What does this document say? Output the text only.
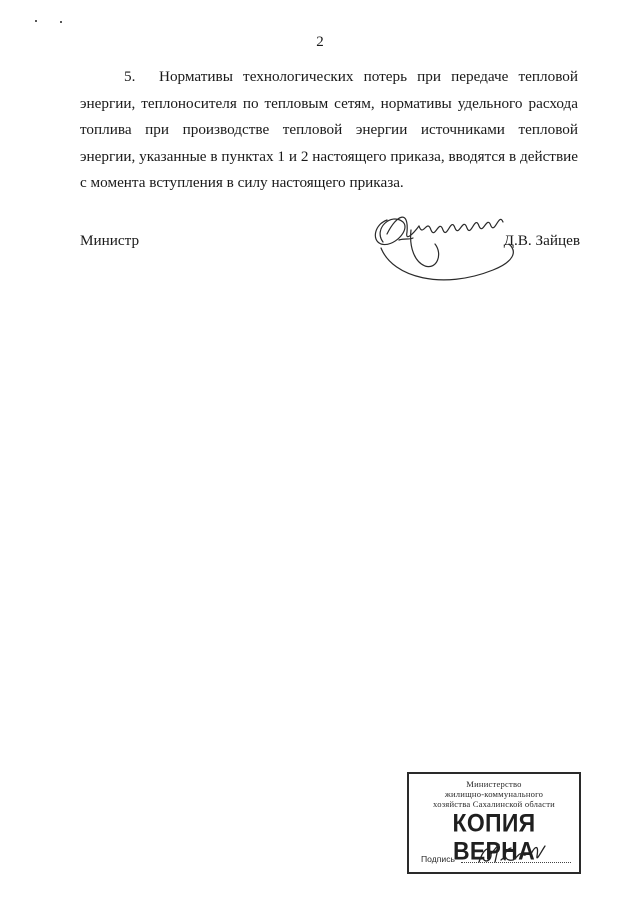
2
5. Нормативы технологических потерь при передаче тепловой энергии, теплоносителя по тепловым сетям, нормативы удельного расхода топлива при производстве тепловой энергии источниками тепловой энергии, указанные в пунктах 1 и 2 настоящего приказа, вводятся в действие с момента вступления в силу настоящего приказа.
Министр	Д.В. Зайцев
Министерство
жилищно-коммунального
хозяйства Сахалинской области
КОПИЯ ВЕРНА
Подпись
